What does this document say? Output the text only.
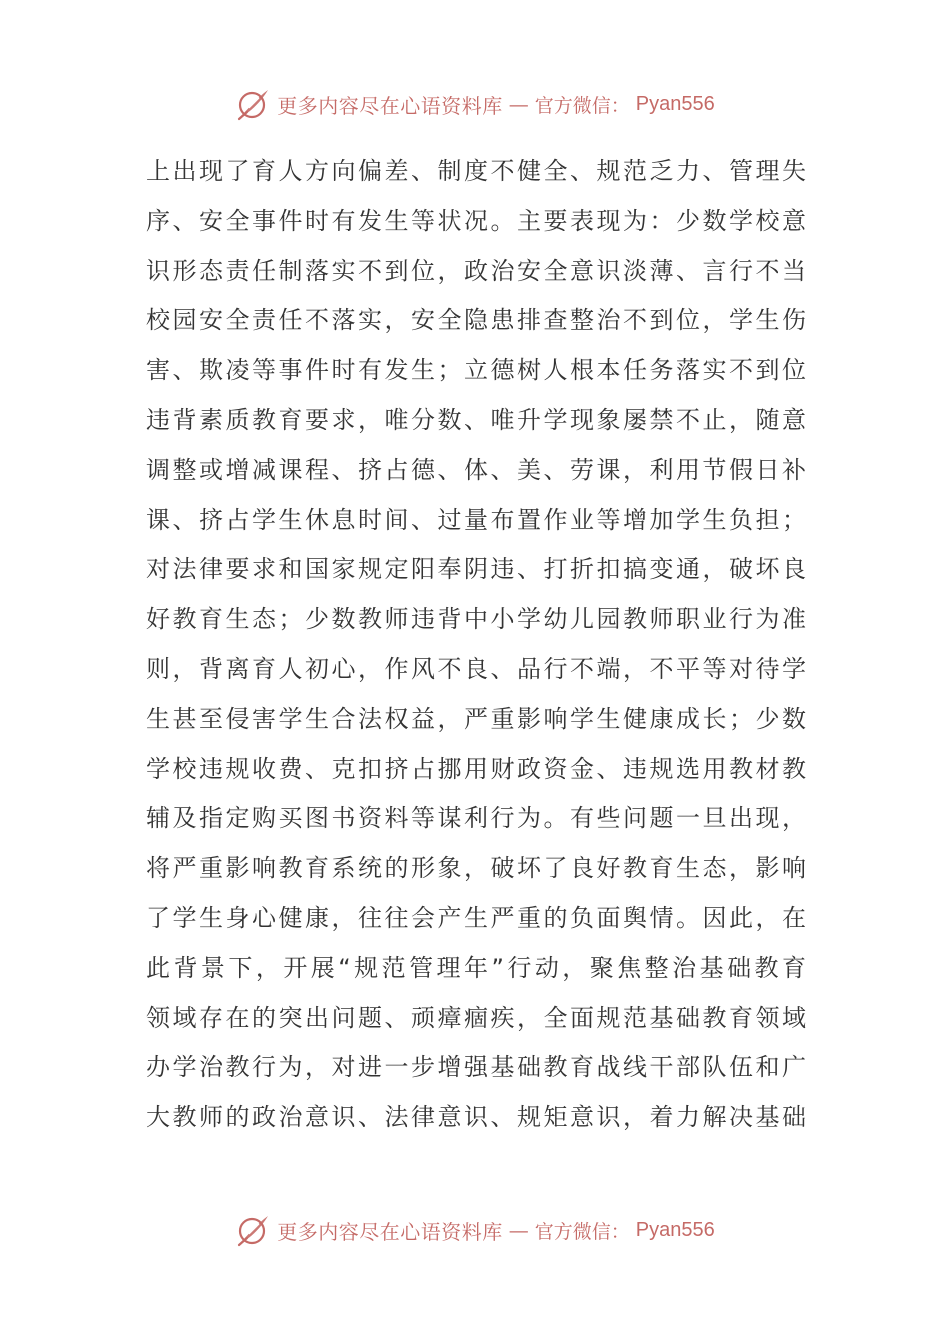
更多内容尽在心语资料库 — 官方微信： Pyan556
上出现了育人方向偏差、制度不健全、规范乏力、管理失
序、安全事件时有发生等状况。主要表现为：少数学校意
识形态责任制落实不到位，政治安全意识淡薄、言行不当
校园安全责任不落实，安全隐患排查整治不到位，学生伤
害、欺凌等事件时有发生；立德树人根本任务落实不到位
违背素质教育要求，唯分数、唯升学现象屡禁不止，随意
调整或增减课程、挤占德、体、美、劳课，利用节假日补
课、挤占学生休息时间、过量布置作业等增加学生负担；
对法律要求和国家规定阳奉阴违、打折扣搞变通，破坏良
好教育生态；少数教师违背中小学幼儿园教师职业行为准
则，背离育人初心，作风不良、品行不端，不平等对待学
生甚至侵害学生合法权益，严重影响学生健康成长；少数
学校违规收费、克扣挤占挪用财政资金、违规选用教材教
辅及指定购买图书资料等谋利行为。有些问题一旦出现，
将严重影响教育系统的形象，破坏了良好教育生态，影响
了学生身心健康，往往会产生严重的负面舆情。因此，在
此背景下，开展“规范管理年”行动，聚焦整治基础教育
领域存在的突出问题、顽瘴痼疾，全面规范基础教育领域
办学治教行为，对进一步增强基础教育战线干部队伍和广
大教师的政治意识、法律意识、规矩意识，着力解决基础
更多内容尽在心语资料库 — 官方微信： Pyan556
